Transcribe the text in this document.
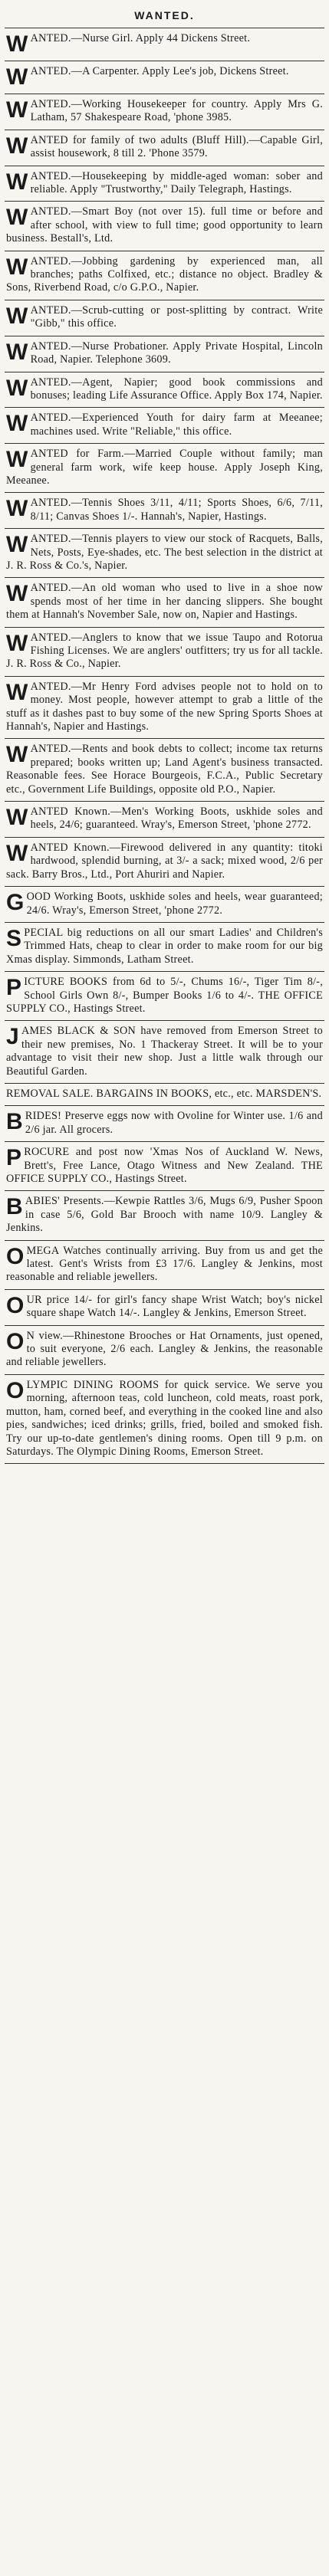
WANTED.
WANTED.—Nurse Girl. Apply 44 Dickens Street.
WANTED.—A Carpenter. Apply Lee's job, Dickens Street.
WANTED.—Working Housekeeper for country. Apply Mrs G. Latham, 57 Shakespeare Road, 'phone 3985.
WANTED for family of two adults (Bluff Hill).—Capable Girl, assist housework, 8 till 2. 'Phone 3579.
WANTED.—Housekeeping by middle-aged woman: sober and reliable. Apply "Trustworthy," Daily Telegraph, Hastings.
WANTED.—Smart Boy (not over 15). full time or before and after school, with view to full time; good opportunity to learn business. Bestall's, Ltd.
WANTED.—Jobbing gardening by experienced man, all branches; paths Colfixed, etc.; distance no object. Bradley & Sons, Riverbend Road, c/o G.P.O., Napier.
WANTED.—Scrub-cutting or post-splitting by contract. Write "Gibb," this office.
WANTED.—Nurse Probationer. Apply Private Hospital, Lincoln Road, Napier. Telephone 3609.
WANTED.—Agent, Napier; good book commissions and bonuses; leading Life Assurance Office. Apply Box 174, Napier.
WANTED.—Experienced Youth for dairy farm at Meeanee; machines used. Write "Reliable," this office.
WANTED for Farm.—Married Couple without family; man general farm work, wife keep house. Apply Joseph King, Meeanee.
WANTED.—Tennis Shoes 3/11, 4/11; Sports Shoes, 6/6, 7/11, 8/11; Canvas Shoes 1/-. Hannah's, Napier, Hastings.
WANTED.—Tennis players to view our stock of Racquets, Balls, Nets, Posts, Eye-shades, etc. The best selection in the district at J. R. Ross & Co.'s, Napier.
WANTED.—An old woman who used to live in a shoe now spends most of her time in her dancing slippers. She bought them at Hannah's November Sale, now on, Napier and Hastings.
WANTED.—Anglers to know that we issue Taupo and Rotorua Fishing Licenses. We are anglers' outfitters; try us for all tackle. J. R. Ross & Co., Napier.
WANTED.—Mr Henry Ford advises people not to hold on to money. Most people, however attempt to grab a little of the stuff as it dashes past to buy some of the new Spring Sports Shoes at Hannah's, Napier and Hastings.
WANTED.—Rents and book debts to collect; income tax returns prepared; books written up; Land Agent's business transacted. Reasonable fees. See Horace Bourgeois, F.C.A., Public Secretary etc., Government Life Buildings, opposite old P.O., Napier.
WANTED Known.—Men's Working Boots, uskhide soles and heels, 24/6; guaranteed. Wray's, Emerson Street, 'phone 2772.
WANTED Known.—Firewood delivered in any quantity: titoki hardwood, splendid burning, at 3/- a sack; mixed wood, 2/6 per sack. Barry Bros., Ltd., Port Ahuriri and Napier.
GOOD Working Boots, uskhide soles and heels, wear guaranteed; 24/6. Wray's, Emerson Street, 'phone 2772.
SPECIAL big reductions on all our smart Ladies' and Children's Trimmed Hats, cheap to clear in order to make room for our big Xmas display. Simmonds, Latham Street.
PICTURE BOOKS from 6d to 5/-, Chums 16/-, Tiger Tim 8/-, School Girls Own 8/-, Bumper Books 1/6 to 4/-. THE OFFICE SUPPLY CO., Hastings Street.
JAMES BLACK & SON have removed from Emerson Street to their new premises, No. 1 Thackeray Street. It will be to your advantage to visit their new shop. Just a little walk through our Beautiful Garden.
REMOVAL SALE. BARGAINS IN BOOKS, etc., etc. MARSDEN'S.
BRIDES! Preserve eggs now with Ovoline for Winter use. 1/6 and 2/6 jar. All grocers.
PROCURE and post now 'Xmas Nos of Auckland W. News, Brett's, Free Lance, Otago Witness and New Zealand. THE OFFICE SUPPLY CO., Hastings Street.
BABIES' Presents.—Kewpie Rattles 3/6, Mugs 6/9, Pusher Spoon in case 5/6, Gold Bar Brooch with name 10/9. Langley & Jenkins.
OMEGA Watches continually arriving. Buy from us and get the latest. Gent's Wrists from £3 17/6. Langley & Jenkins, most reasonable and reliable jewellers.
OUR price 14/- for girl's fancy shape Wrist Watch; boy's nickel square shape Watch 14/-. Langley & Jenkins, Emerson Street.
O N view.—Rhinestone Brooches or Hat Ornaments, just opened, to suit everyone, 2/6 each. Langley & Jenkins, the reasonable and reliable jewellers.
OLYMPIC DINING ROOMS for quick service. We serve you morning, afternoon teas, cold luncheon, cold meats, roast pork, mutton, ham, corned beef, and everything in the cooked line and also pies, sandwiches; iced drinks; grills, fried, boiled and smoked fish. Try our up-to-date gentlemen's dining rooms. Open till 9 p.m. on Saturdays. The Olympic Dining Rooms, Emerson Street.
